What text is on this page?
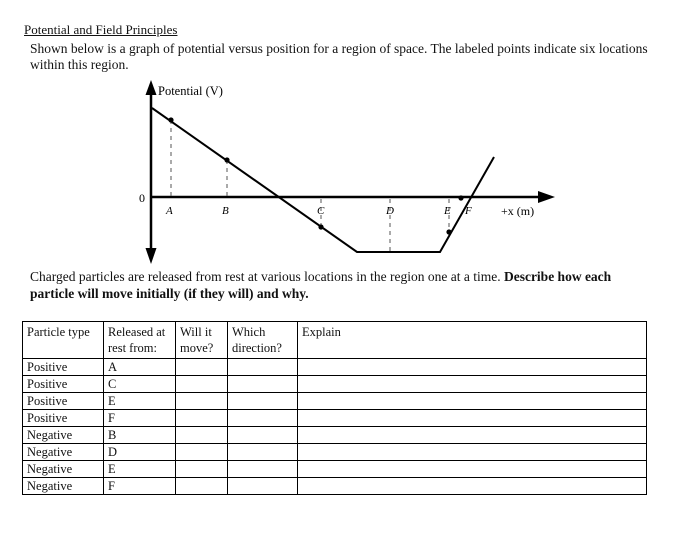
Potential and Field Principles
Shown below is a graph of potential versus position for a region of space. The labeled points indicate six locations within this region.
Potential (V)
0
+x (m)
A	B	C	D	E F
Charged particles are released from rest at various locations in the region one at a time. Describe how each particle will move initially (if they will) and why.
Particle type	Released at rest from:	Will it move?	Which direction?	Explain
Positive	A			
Positive	C			
Positive	E			
Positive	F			
Negative	B			
Negative	D			
Negative	E			
Negative	F			
